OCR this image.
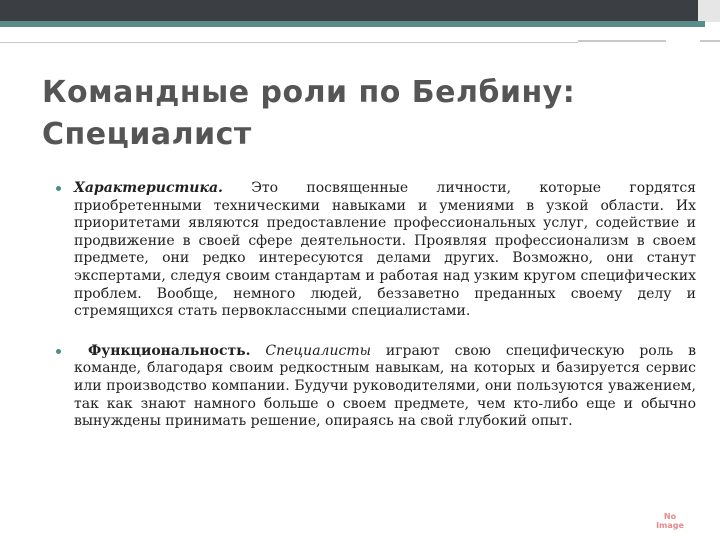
Командные роли по Белбину:
Специалист
Характеристика. Это посвященные личности, которые гордятся приобретенными техническими навыками и умениями в узкой области. Их приоритетами являются предоставление профессиональных услуг, содействие и продвижение в своей сфере деятельности. Проявляя профессионализм в своем предмете, они редко интересуются делами других. Возможно, они станут экспертами, следуя своим стандартам и работая над узким кругом специфических проблем. Вообще, немного людей, беззаветно преданных своему делу и стремящихся стать первоклассными специалистами.
Функциональность. Специалисты играют свою специфическую роль в команде, благодаря своим редкостным навыкам, на которых и базируется сервис или производство компании. Будучи руководителями, они пользуются уважением, так как знают намного больше о своем предмете, чем кто-либо еще и обычно вынуждены принимать решение, опираясь на свой глубокий опыт.
No
Image
